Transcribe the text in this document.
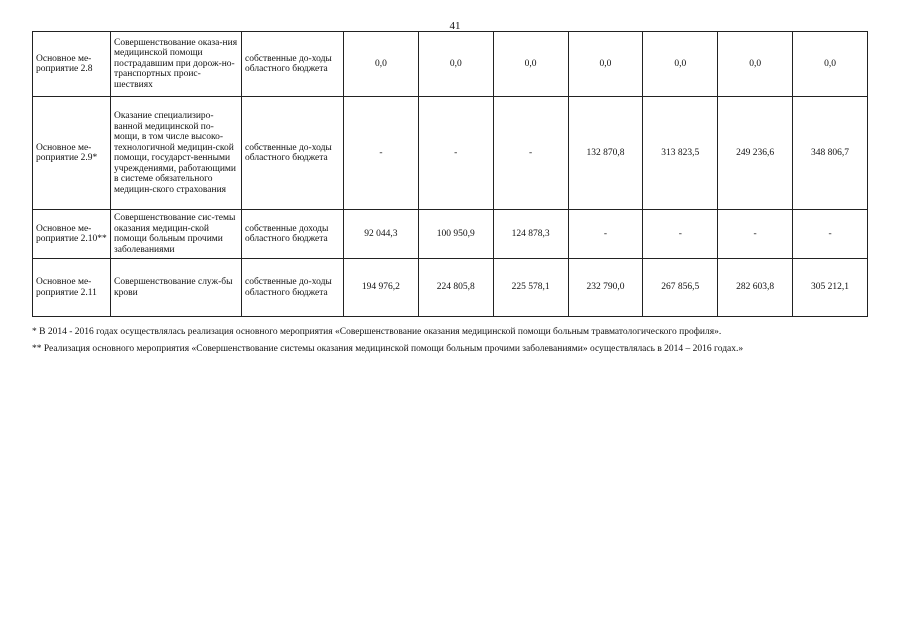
41
Основное ме-роприятие 2.8	Совершенствование оказа-ния медицинской помощи пострадавшим при дорож-но-транспортных проис-шествиях	собственные до-ходы областного бюджета	0,0	0,0	0,0	0,0	0,0	0,0	0,0
Основное ме-роприятие 2.9*	Оказание специализиро-ванной медицинской по-мощи, в том числе высоко-технологичной медицин-ской помощи, государст-венными учреждениями, работающими в системе обязательного медицин-ского страхования	собственные до-ходы областного бюджета	-	-	-	132 870,8	313 823,5	249 236,6	348 806,7
Основное ме-роприятие 2.10**	Совершенствование сис-темы оказания медицин-ской помощи больным прочими заболеваниями	собственные доходы областного бюджета	92 044,3	100 950,9	124 878,3	-	-	-	-
Основное ме-роприятие 2.11	Совершенствование служ-бы крови	собственные до-ходы областного бюджета	194 976,2	224 805,8	225 578,1	232 790,0	267 856,5	282 603,8	305 212,1
* В 2014 - 2016 годах осуществлялась реализация основного мероприятия «Совершенствование оказания медицинской помощи больным травматологического профиля».
** Реализация основного мероприятия «Совершенствование системы оказания медицинской помощи больным прочими заболеваниями» осуществлялась в 2014 – 2016 годах.»
